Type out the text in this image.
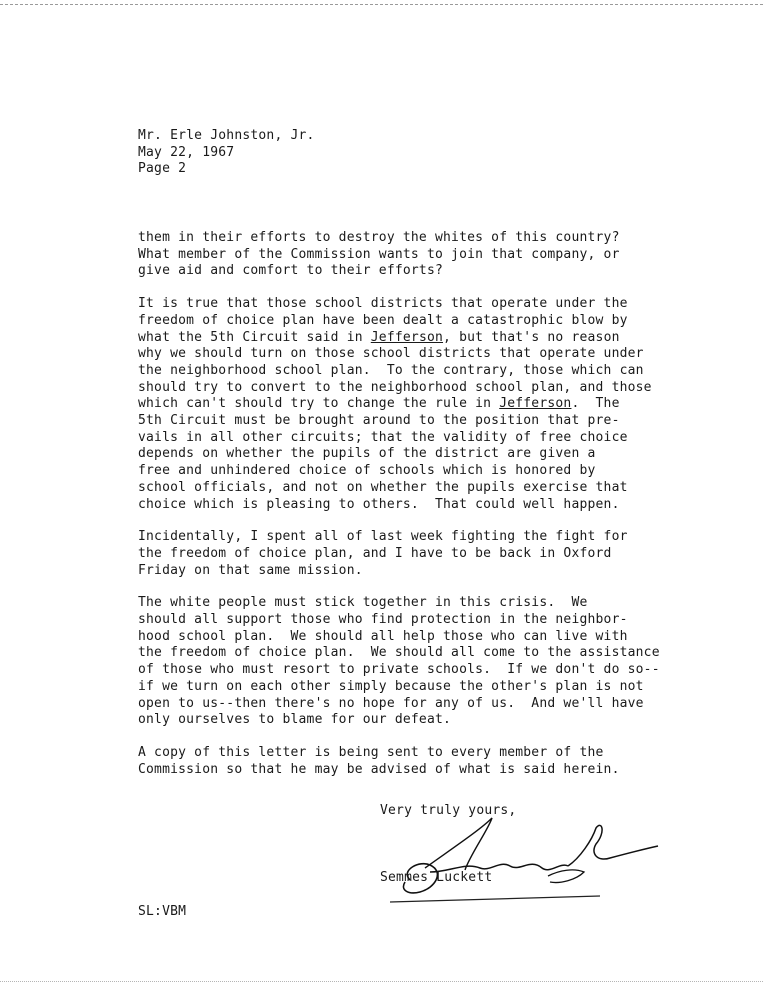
Mr. Erle Johnston, Jr.

May 22, 1967

Page 2

them in their efforts to destroy the whites of this country?

What member of the Commission wants to join that company, or

give aid and comfort to their efforts?

It is true that those school districts that operate under the

freedom of choice plan have been dealt a catastrophic blow by

what the 5th Circuit said in Jefferson, but that's no reason

why we should turn on those school districts that operate under

the neighborhood school plan.  To the contrary, those which can

should try to convert to the neighborhood school plan, and those

which can't should try to change the rule in Jefferson.  The

5th Circuit must be brought around to the position that pre-

vails in all other circuits; that the validity of free choice

depends on whether the pupils of the district are given a

free and unhindered choice of schools which is honored by

school officials, and not on whether the pupils exercise that

choice which is pleasing to others.  That could well happen.

Incidentally, I spent all of last week fighting the fight for

the freedom of choice plan, and I have to be back in Oxford

Friday on that same mission.

The white people must stick together in this crisis.  We

should all support those who find protection in the neighbor-

hood school plan.  We should all help those who can live with

the freedom of choice plan.  We should all come to the assistance

of those who must resort to private schools.  If we don't do so--

if we turn on each other simply because the other's plan is not

open to us--then there's no hope for any of us.  And we'll have

only ourselves to blame for our defeat.

A copy of this letter is being sent to every member of the

Commission so that he may be advised of what is said herein.

Very truly yours,

Semmes Luckett

SL:VBM
